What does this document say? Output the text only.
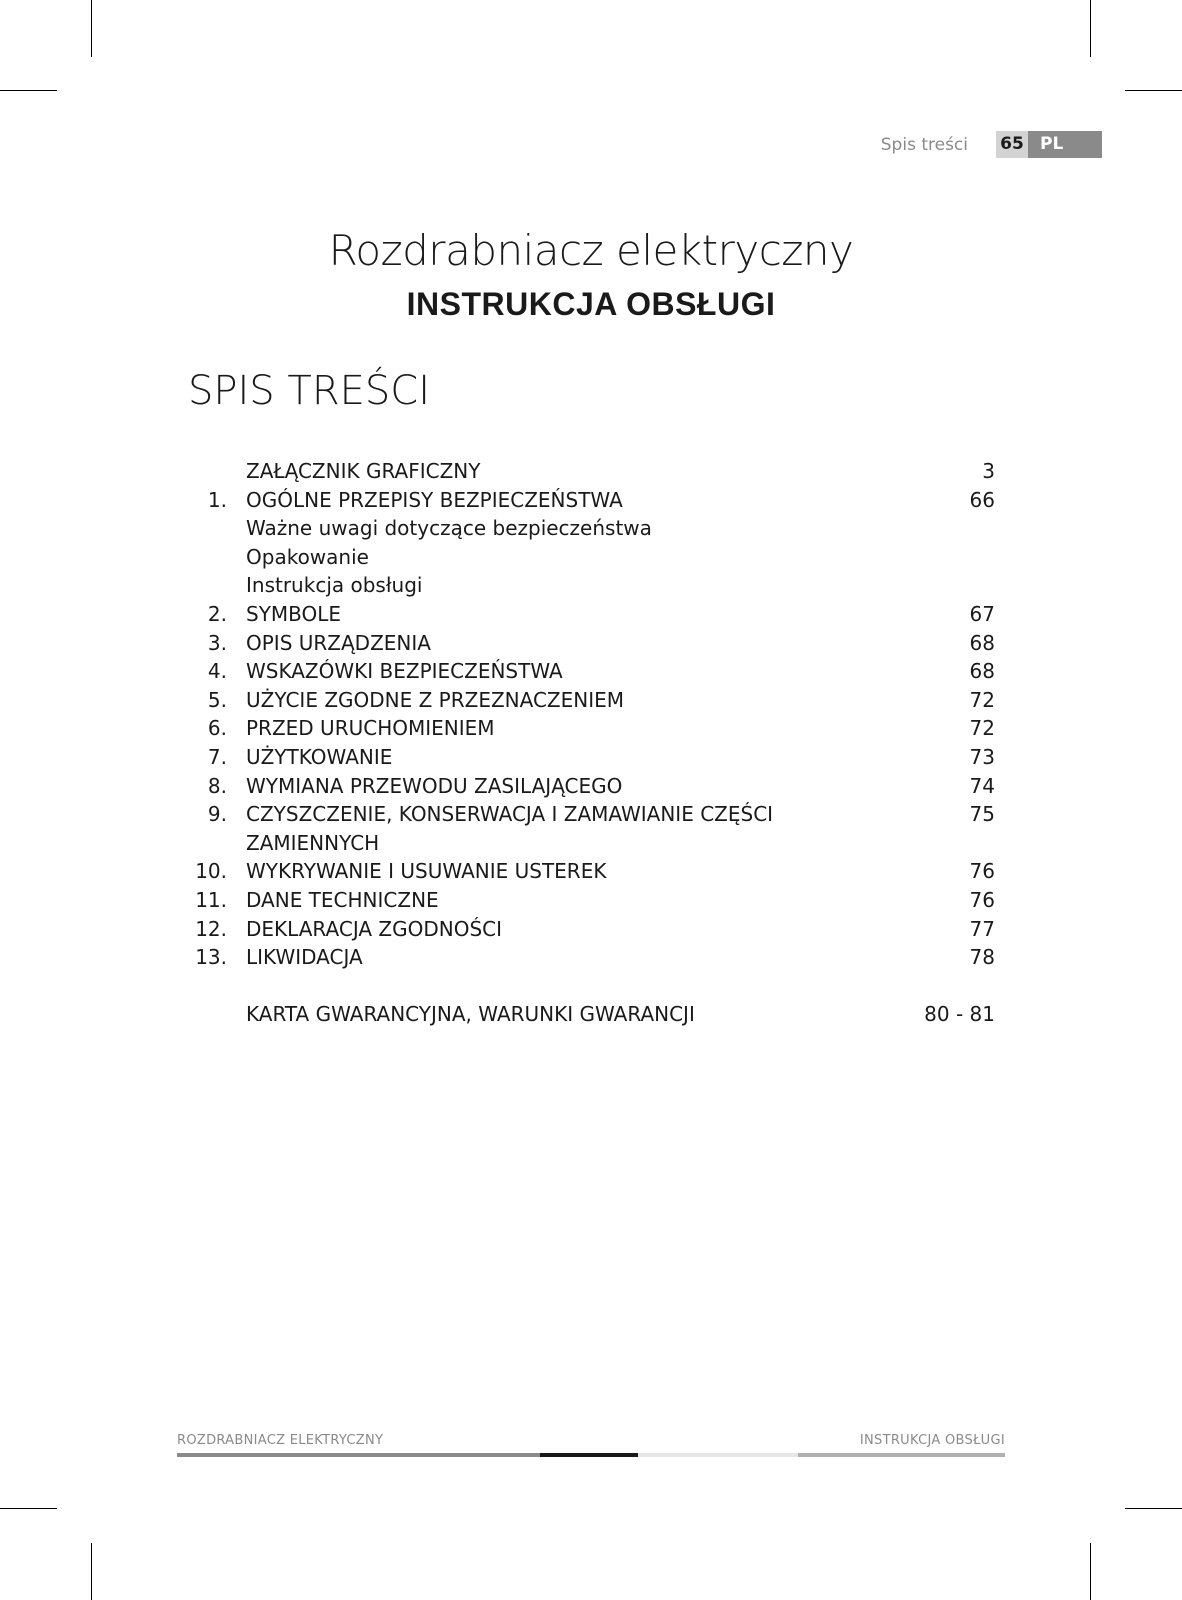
Spis treści 65 PL
Rozdrabniacz elektryczny
INSTRUKCJA OBSŁUGI
SPIS TREŚCI
ZAŁĄCZNIK GRAFICZNY	3
1. OGÓLNE PRZEPISY BEZPIECZEŃSTWA	66
Ważne uwagi dotyczące bezpieczeństwa
Opakowanie
Instrukcja obsługi
2. SYMBOLE	67
3. OPIS URZĄDZENIA	68
4. WSKAZÓWKI BEZPIECZEŃSTWA	68
5. UŻYCIE ZGODNE Z PRZEZNACZENIEM	72
6. PRZED URUCHOMIENIEM	72
7. UŻYTKOWANIE	73
8. WYMIANA PRZEWODU ZASILAJĄCEGO	74
9. CZYSZCZENIE, KONSERWACJA I ZAMAWIANIE CZĘŚCI	75
ZAMIENNYCH
10. WYKRYWANIE I USUWANIE USTEREK	76
11. DANE TECHNICZNE	76
12. DEKLARACJA ZGODNOŚCI	77
13. LIKWIDACJA	78
KARTA GWARANCYJNA, WARUNKI GWARANCJI	80 - 81
ROZDRABNIACZ ELEKTRYCZNY	INSTRUKCJA OBSŁUGI
